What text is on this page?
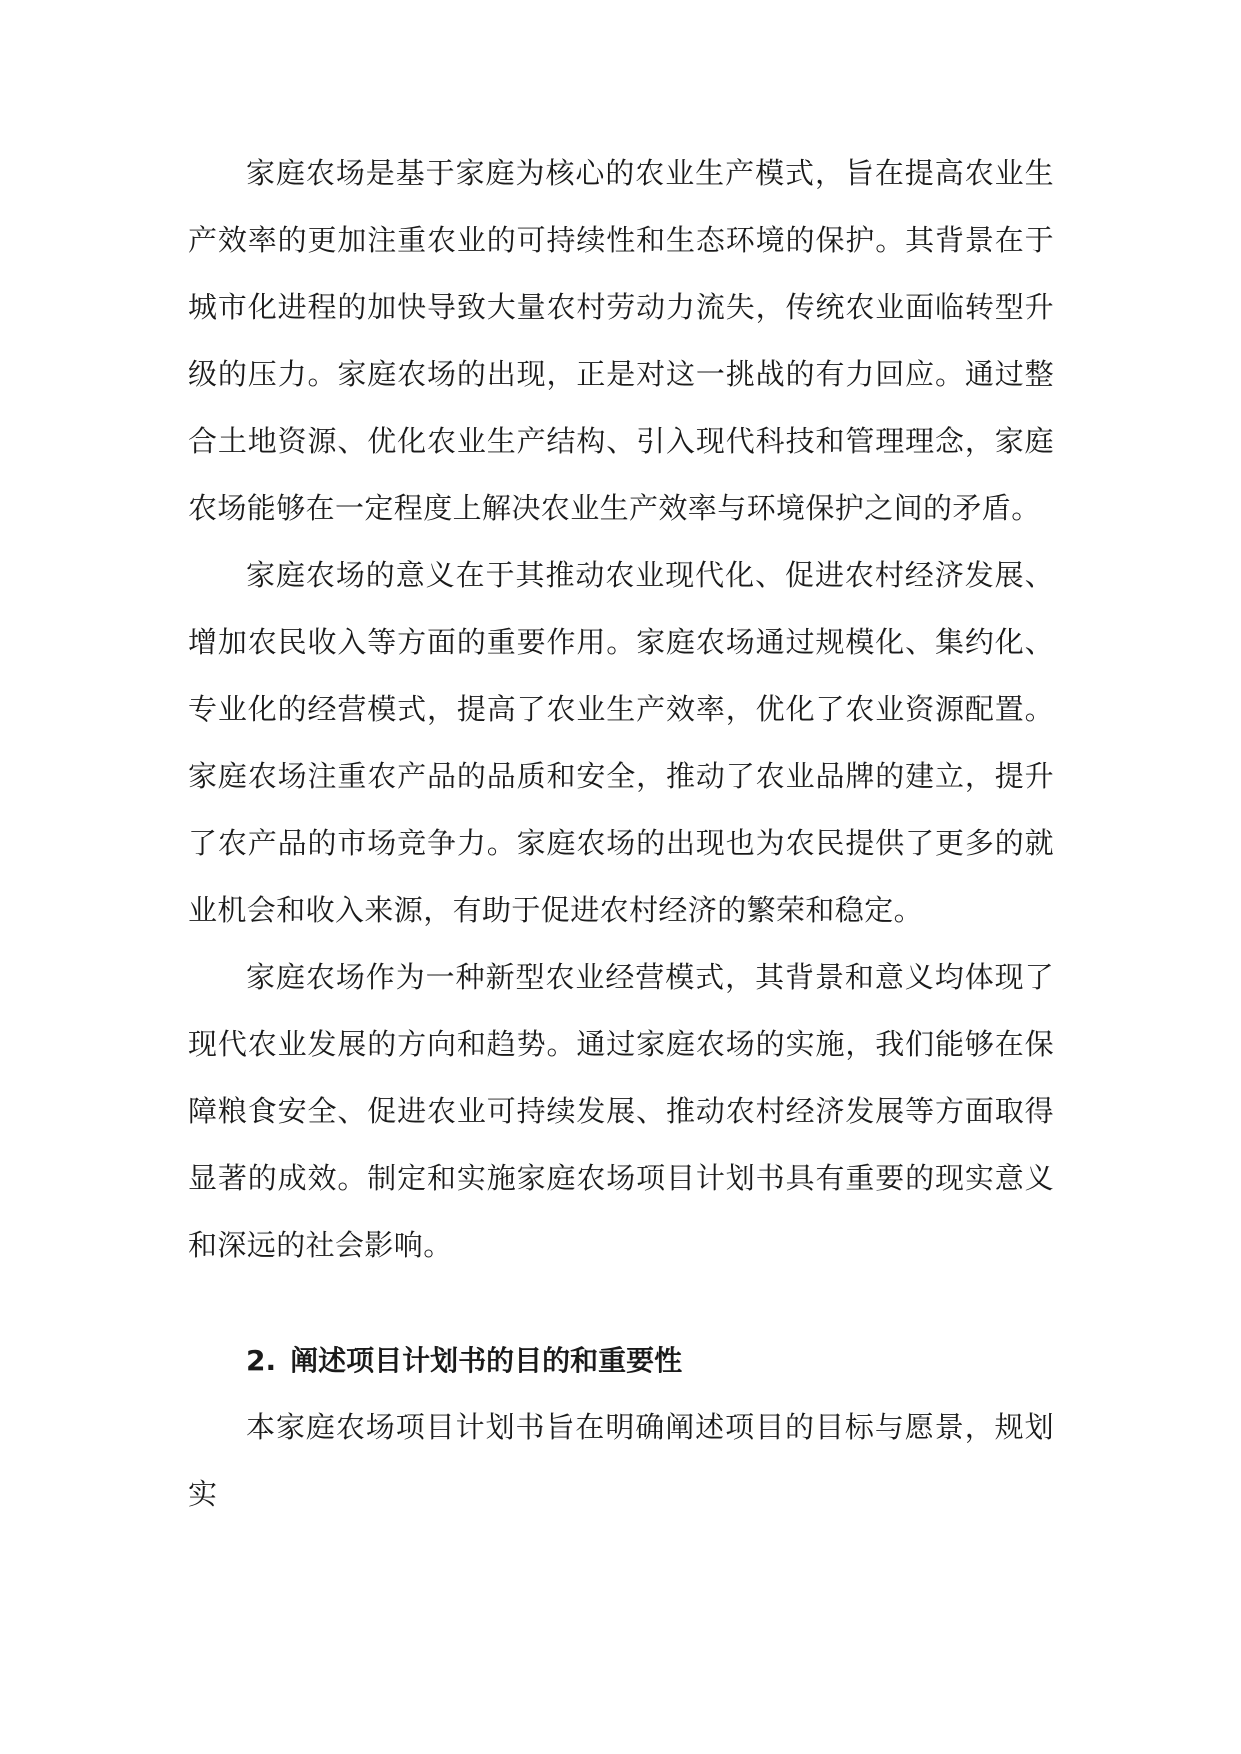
家庭农场是基于家庭为核心的农业生产模式，旨在提高农业生产效率的更加注重农业的可持续性和生态环境的保护。其背景在于城市化进程的加快导致大量农村劳动力流失，传统农业面临转型升级的压力。家庭农场的出现，正是对这一挑战的有力回应。通过整合土地资源、优化农业生产结构、引入现代科技和管理理念，家庭农场能够在一定程度上解决农业生产效率与环境保护之间的矛盾。

家庭农场的意义在于其推动农业现代化、促进农村经济发展、增加农民收入等方面的重要作用。家庭农场通过规模化、集约化、专业化的经营模式，提高了农业生产效率，优化了农业资源配置。家庭农场注重农产品的品质和安全，推动了农业品牌的建立，提升了农产品的市场竞争力。家庭农场的出现也为农民提供了更多的就业机会和收入来源，有助于促进农村经济的繁荣和稳定。

家庭农场作为一种新型农业经营模式，其背景和意义均体现了现代农业发展的方向和趋势。通过家庭农场的实施，我们能够在保障粮食安全、促进农业可持续发展、推动农村经济发展等方面取得显著的成效。制定和实施家庭农场项目计划书具有重要的现实意义和深远的社会影响。

2. 阐述项目计划书的目的和重要性

本家庭农场项目计划书旨在明确阐述项目的目标与愿景，规划实
